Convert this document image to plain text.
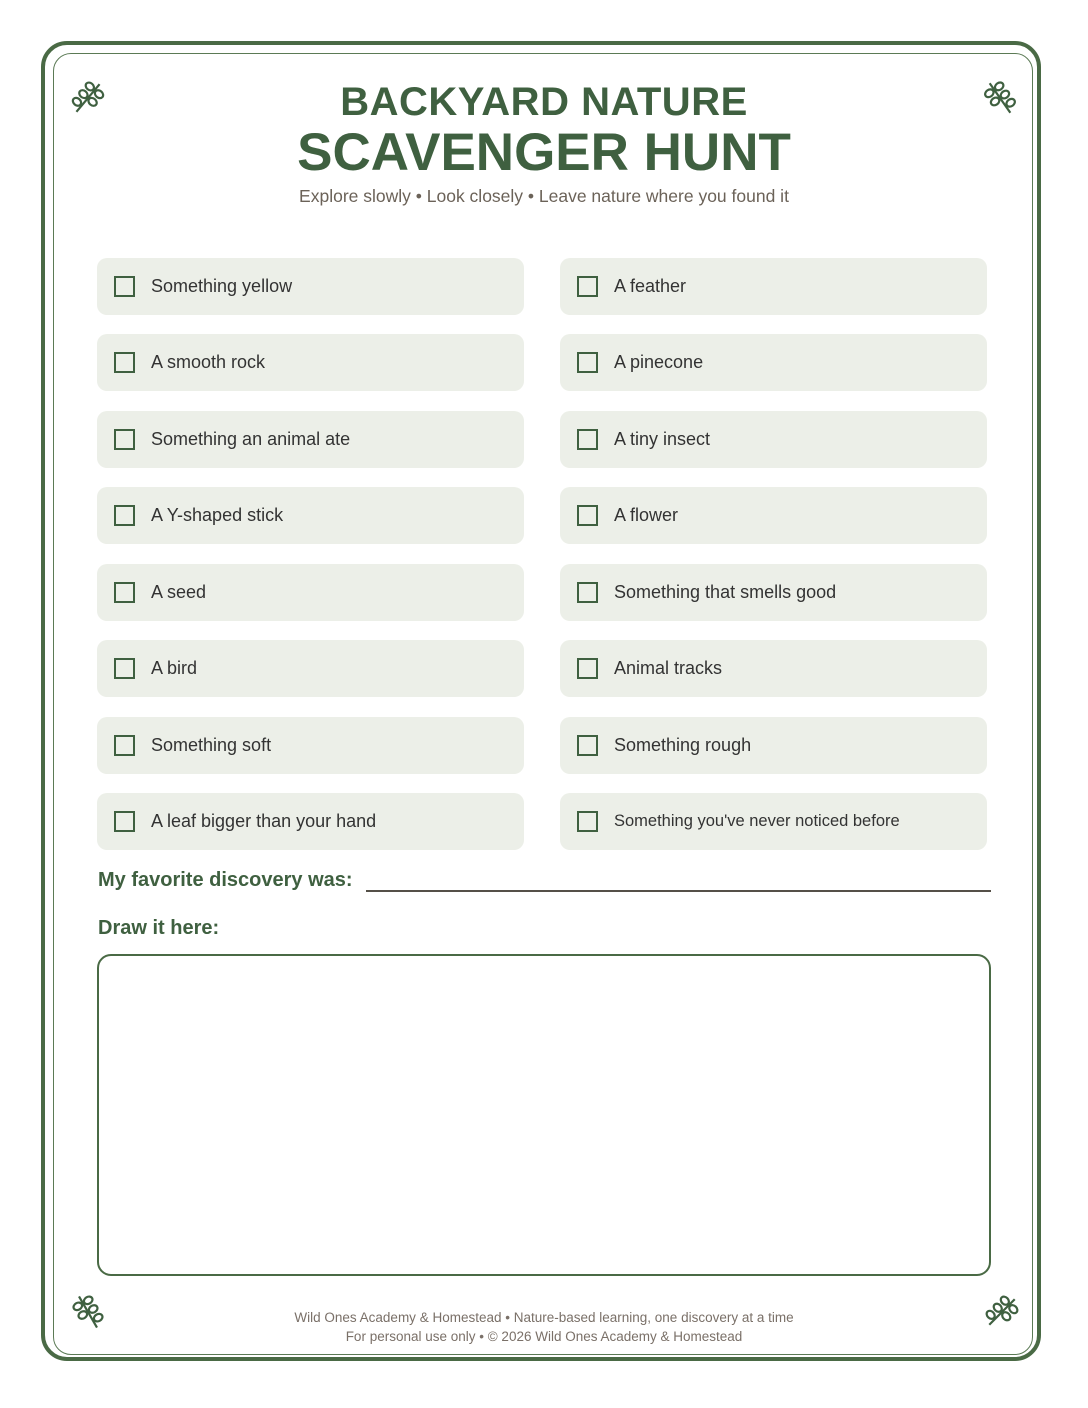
BACKYARD NATURE
SCAVENGER HUNT
Explore slowly • Look closely • Leave nature where you found it
Something yellow
A smooth rock
Something an animal ate
A Y-shaped stick
A seed
A bird
Something soft
A leaf bigger than your hand
A feather
A pinecone
A tiny insect
A flower
Something that smells good
Animal tracks
Something rough
Something you've never noticed before
My favorite discovery was:
Draw it here:
Wild Ones Academy & Homestead • Nature-based learning, one discovery at a time
For personal use only • © 2026 Wild Ones Academy & Homestead
